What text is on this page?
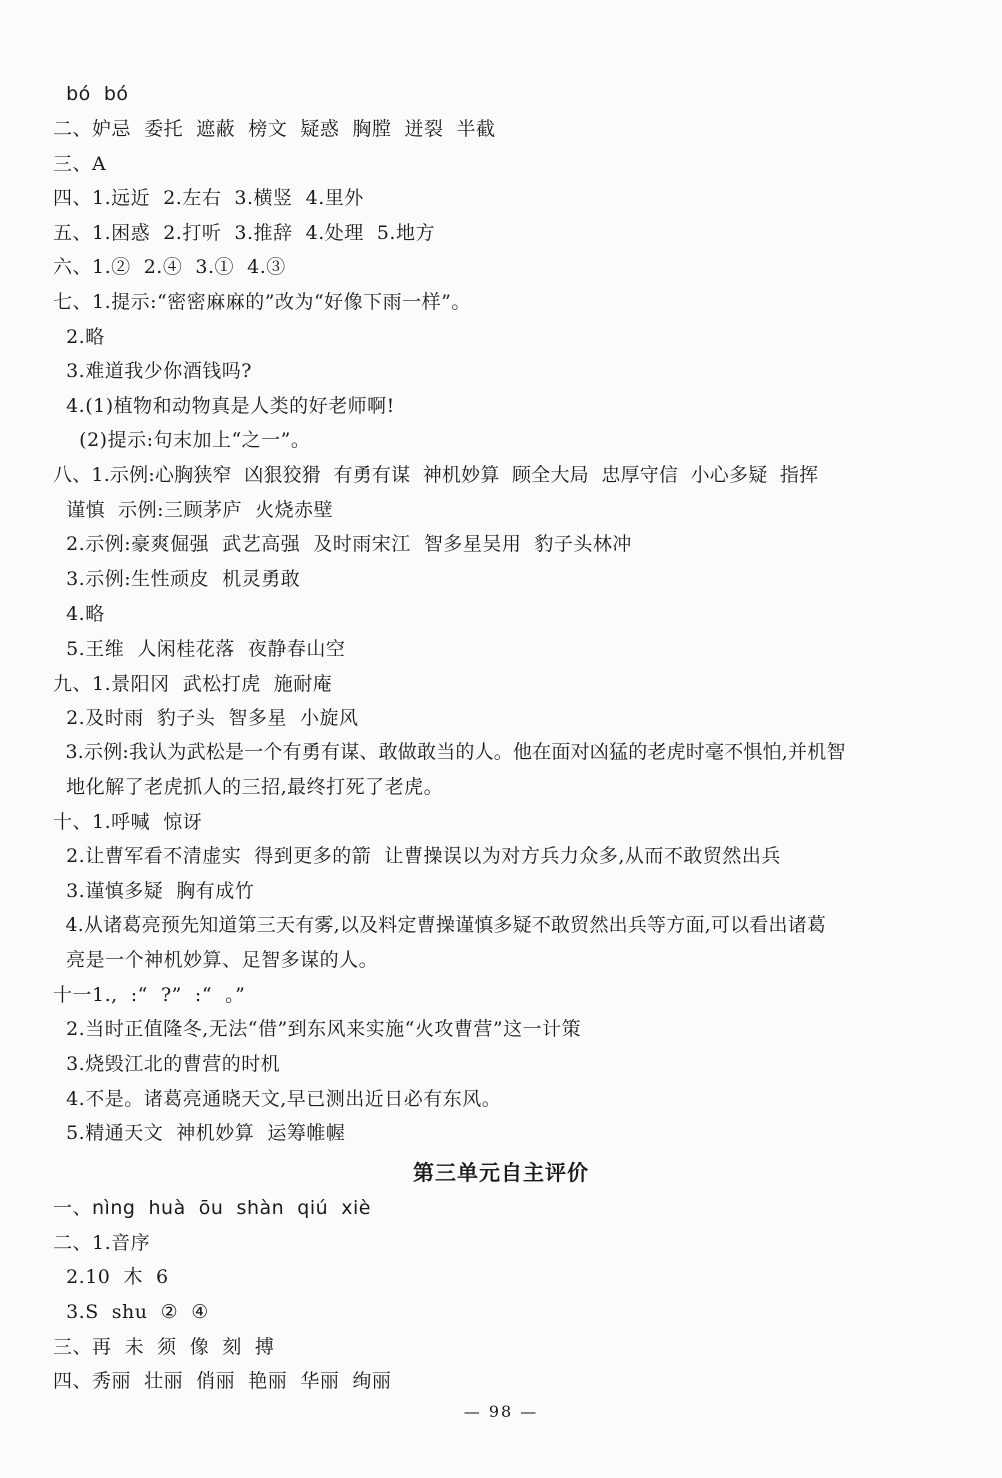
bó  bó
二、妒忌  委托  遮蔽  榜文  疑惑  胸膛  迸裂  半截
三、A
四、1.远近  2.左右  3.横竖  4.里外
五、1.困惑  2.打听  3.推辞  4.处理  5.地方
六、1.②  2.④  3.①  4.③
七、1.提示:“密密麻麻的”改为“好像下雨一样”。
2.略
3.难道我少你酒钱吗?
4.(1)植物和动物真是人类的好老师啊!
(2)提示:句末加上“之一”。
八、1.示例:心胸狭窄  凶狠狡猾  有勇有谋  神机妙算  顾全大局  忠厚守信  小心多疑  指挥
谨慎  示例:三顾茅庐  火烧赤壁
2.示例:豪爽倔强  武艺高强  及时雨宋江  智多星吴用  豹子头林冲
3.示例:生性顽皮  机灵勇敢
4.略
5.王维  人闲桂花落  夜静春山空
九、1.景阳冈  武松打虎  施耐庵
2.及时雨  豹子头  智多星  小旋风
3.示例:我认为武松是一个有勇有谋、敢做敢当的人。他在面对凶猛的老虎时毫不惧怕,并机智
地化解了老虎抓人的三招,最终打死了老虎。
十、1.呼喊  惊讶
2.让曹军看不清虚实  得到更多的箭  让曹操误以为对方兵力众多,从而不敢贸然出兵
3.谨慎多疑  胸有成竹
4.从诸葛亮预先知道第三天有雾,以及料定曹操谨慎多疑不敢贸然出兵等方面,可以看出诸葛
亮是一个神机妙算、足智多谋的人。
十一1.,  :“  ?”  :“  。”
2.当时正值隆冬,无法“借”到东风来实施“火攻曹营”这一计策
3.烧毁江北的曹营的时机
4.不是。诸葛亮通晓天文,早已测出近日必有东风。
5.精通天文  神机妙算  运筹帷幄
第三单元自主评价
一、nìng  huà  ōu  shàn  qiú  xiè
二、1.音序
2.10  木  6
3.S  shu  ②  ④
三、再  未  须  像  刻  搏
四、秀丽  壮丽  俏丽  艳丽  华丽  绚丽
— 98 —
